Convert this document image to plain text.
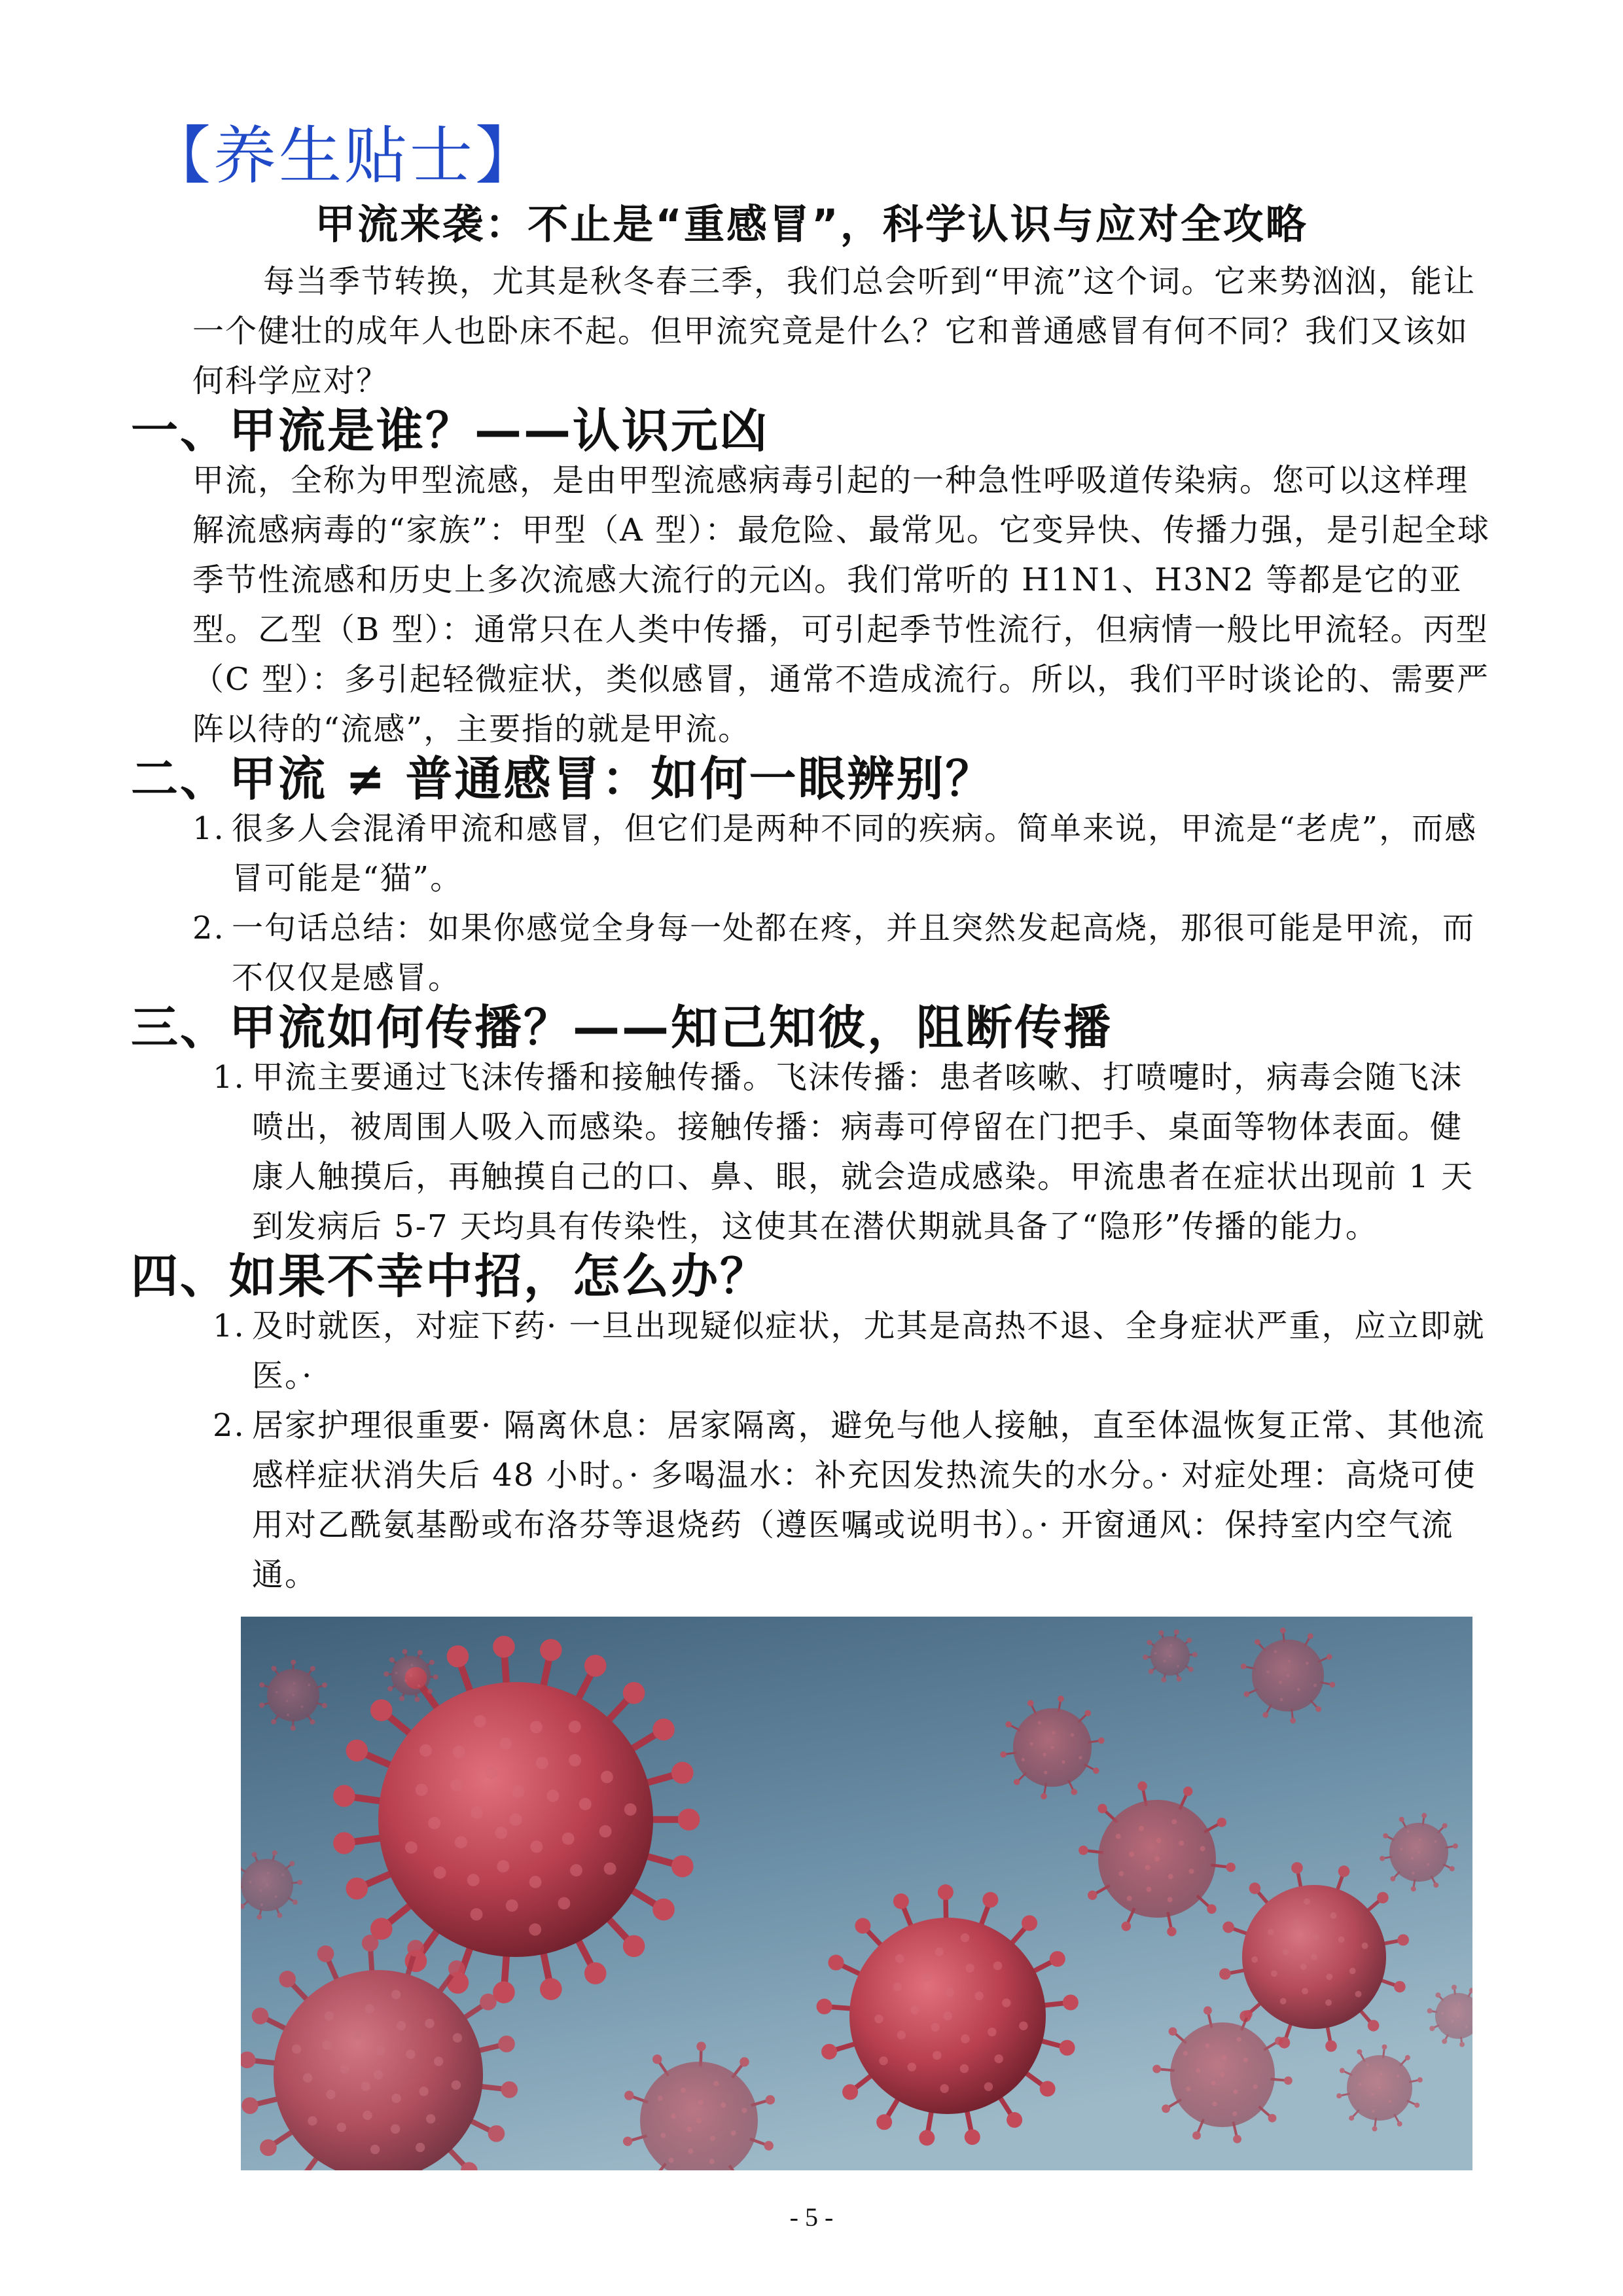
【养生贴士】
甲流来袭：不止是“重感冒”，科学认识与应对全攻略

每当季节转换，尤其是秋冬春三季，我们总会听到“甲流”这个词。它来势汹汹，能让一个健壮的成年人也卧床不起。但甲流究竟是什么？它和普通感冒有何不同？我们又该如何科学应对？

一、甲流是谁？——认识元凶

甲流，全称为甲型流感，是由甲型流感病毒引起的一种急性呼吸道传染病。您可以这样理解流感病毒的“家族”：甲型（A 型）：最危险、最常见。它变异快、传播力强，是引起全球季节性流感和历史上多次流感大流行的元凶。我们常听的 H1N1、H3N2 等都是它的亚型。乙型（B 型）：通常只在人类中传播，可引起季节性流行，但病情一般比甲流轻。丙型（C 型）：多引起轻微症状，类似感冒，通常不造成流行。所以，我们平时谈论的、需要严阵以待的“流感”，主要指的就是甲流。

二、甲流 ≠ 普通感冒：如何一眼辨别？
1. 很多人会混淆甲流和感冒，但它们是两种不同的疾病。简单来说，甲流是“老虎”，而感冒可能是“猫”。
2. 一句话总结：如果你感觉全身每一处都在疼，并且突然发起高烧，那很可能是甲流，而不仅仅是感冒。
三、甲流如何传播？——知己知彼，阻断传播
1. 甲流主要通过飞沫传播和接触传播。飞沫传播：患者咳嗽、打喷嚏时，病毒会随飞沫喷出，被周围人吸入而感染。接触传播：病毒可停留在门把手、桌面等物体表面。健康人触摸后，再触摸自己的口、鼻、眼，就会造成感染。甲流患者在症状出现前 1 天到发病后 5-7 天均具有传染性，这使其在潜伏期就具备了“隐形”传播的能力。
四、如果不幸中招，怎么办？
1. 及时就医，对症下药· 一旦出现疑似症状，尤其是高热不退、全身症状严重，应立即就医。·
2. 居家护理很重要· 隔离休息：居家隔离，避免与他人接触，直至体温恢复正常、其他流感样症状消失后 48 小时。· 多喝温水：补充因发热流失的水分。· 对症处理：高烧可使用对乙酰氨基酚或布洛芬等退烧药（遵医嘱或说明书）。· 开窗通风：保持室内空气流通。
- 5 -
